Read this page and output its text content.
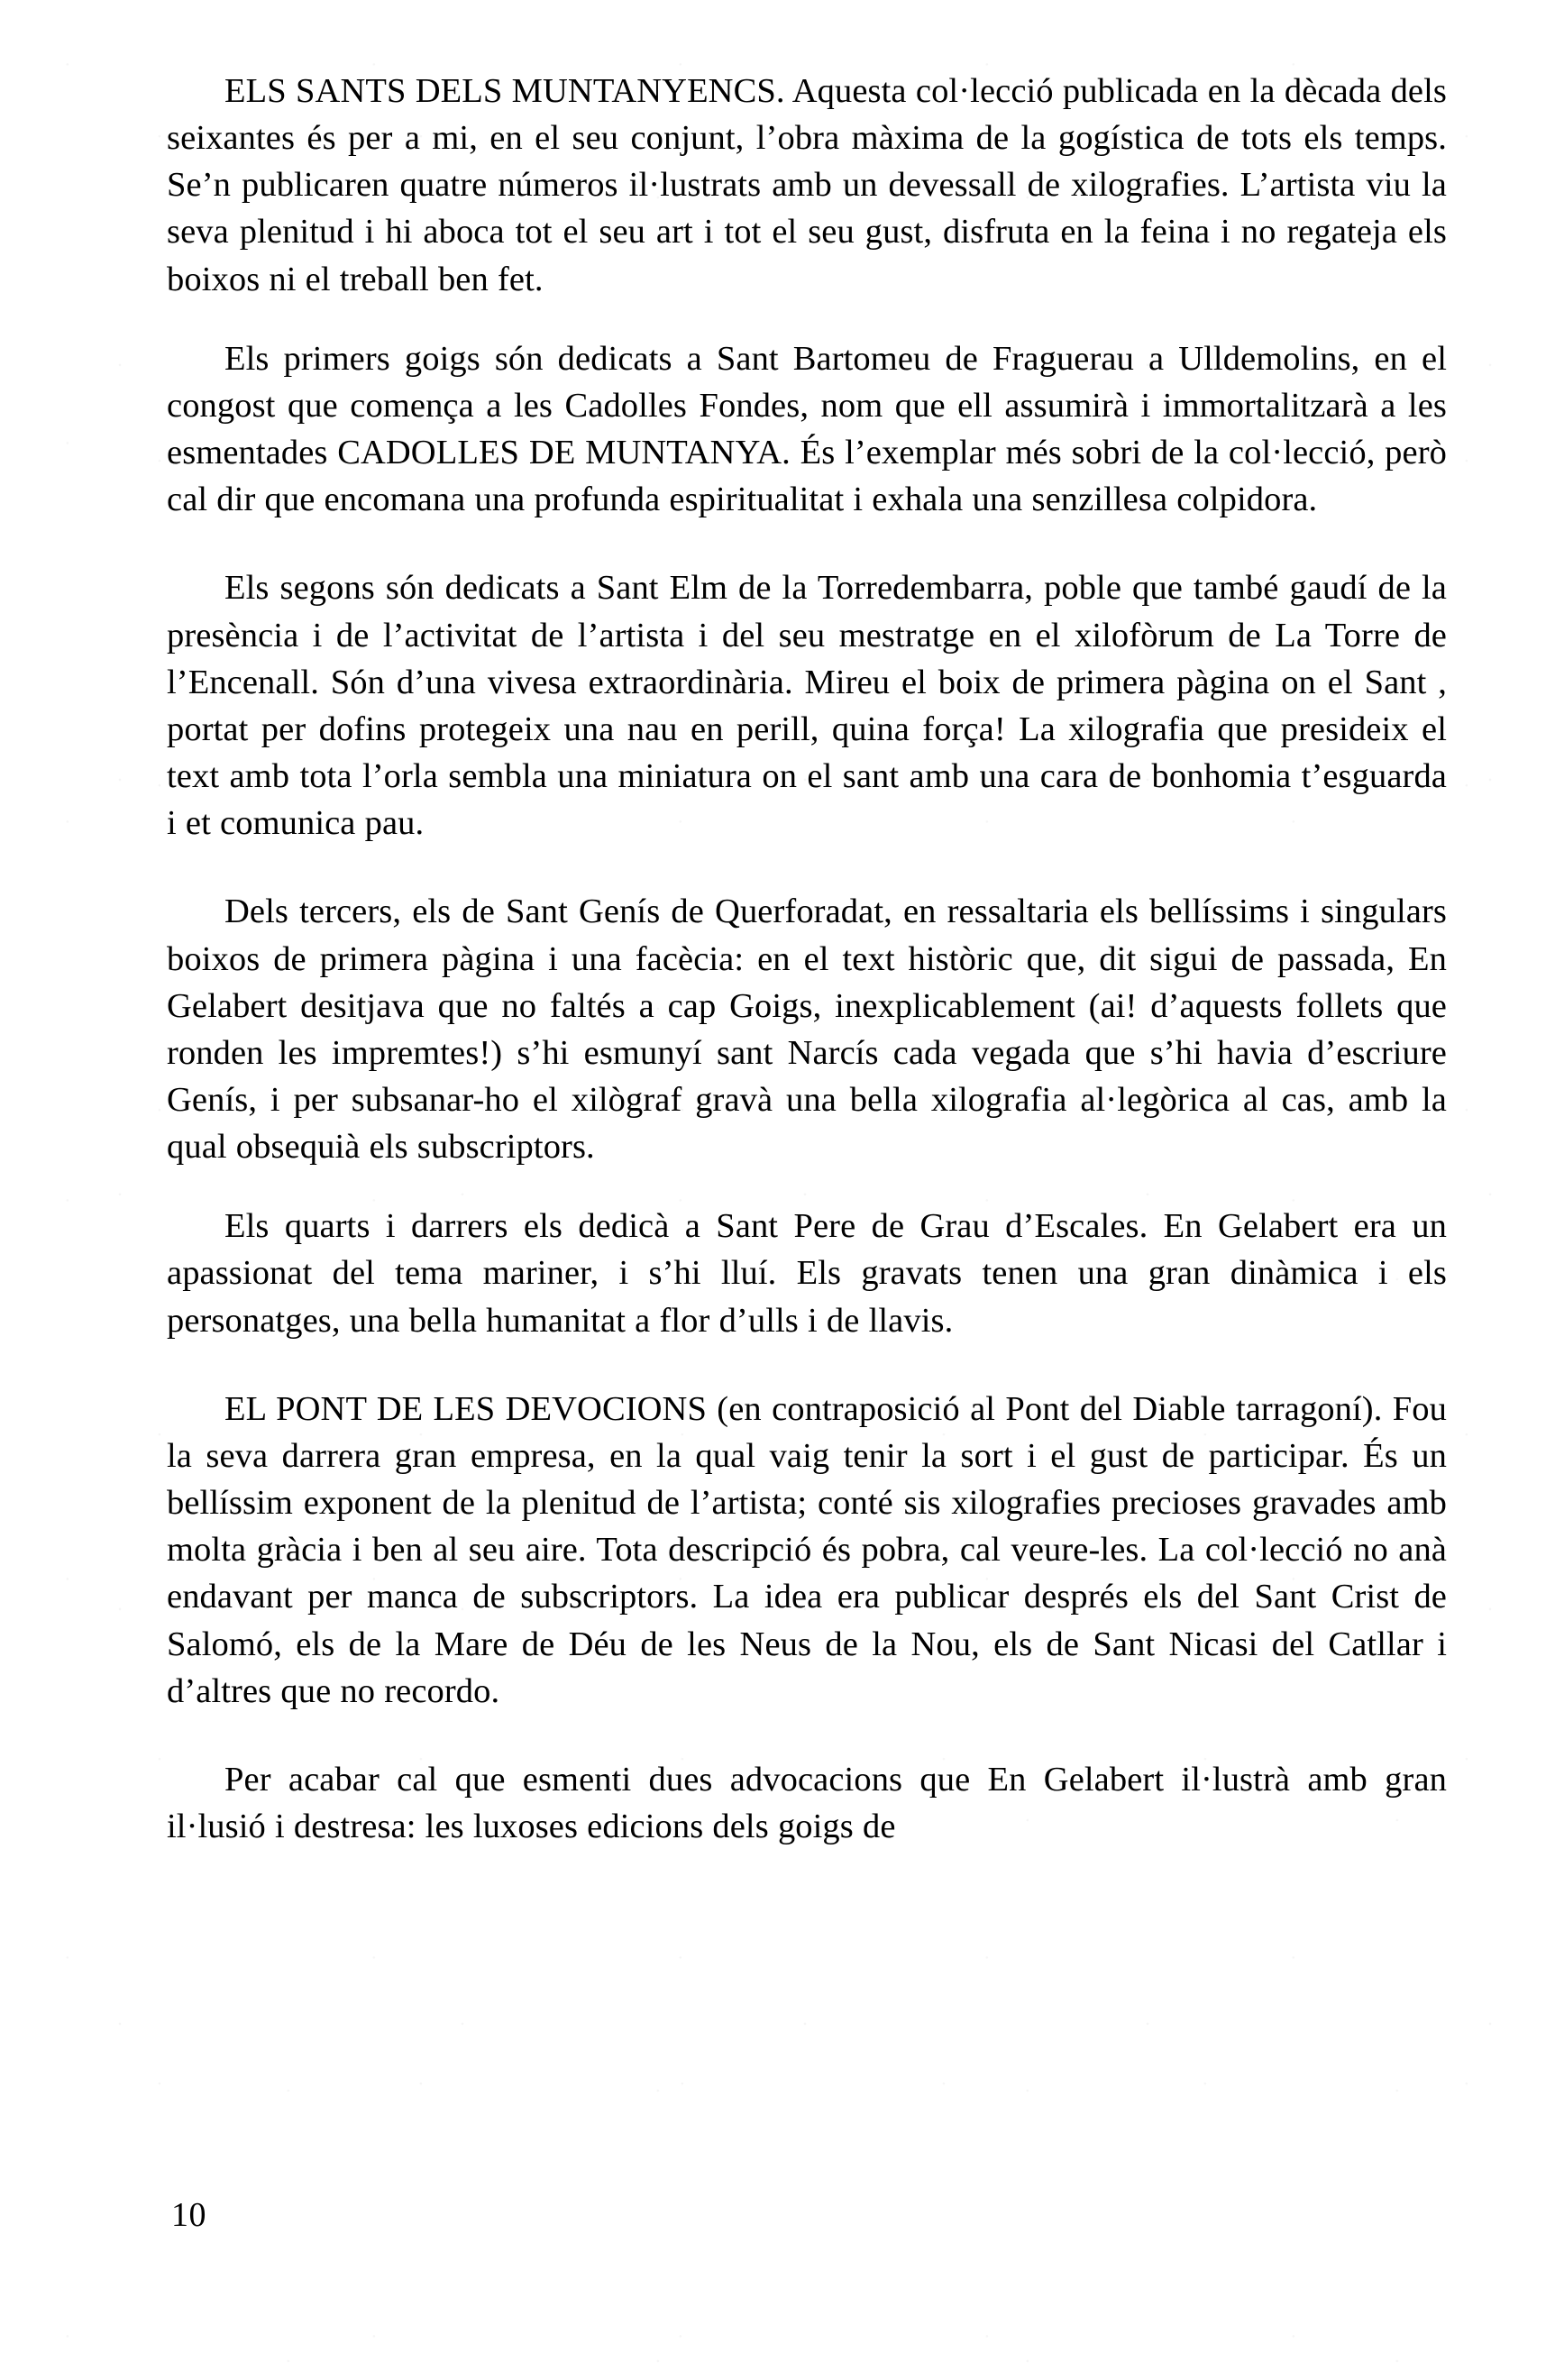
ELS SANTS DELS MUNTANYENCS. Aquesta col·lecció publicada en la dècada dels seixantes és per a mi, en el seu conjunt, l’obra màxima de la gogística de tots els temps. Se’n publicaren quatre números il·lustrats amb un devessall de xilografies. L’artista viu la seva plenitud i hi aboca tot el seu art i tot el seu gust, disfruta en la feina i no regateja els boixos ni el treball ben fet.

Els primers goigs són dedicats a Sant Bartomeu de Fraguerau a Ulldemolins, en el congost que comença a les Cadolles Fondes, nom que ell assumirà i immortalitzarà a les esmentades CADOLLES DE MUNTANYA. És l’exemplar més sobri de la col·lecció, però cal dir que encomana una profunda espiritualitat i exhala una senzillesa colpidora.

Els segons són dedicats a Sant Elm de la Torredembarra, poble que també gaudí de la presència i de l’activitat de l’artista i del seu mestratge en el xilofòrum de La Torre de l’Encenall. Són d’una vivesa extraordinària. Mireu el boix de primera pàgina on el Sant , portat per dofins protegeix una nau en perill, quina força! La xilografia que presideix el text amb tota l’orla sembla una miniatura on el sant amb una cara de bonhomia t’esguarda i et comunica pau.

Dels tercers, els de Sant Genís de Querforadat, en ressaltaria els bellíssims i singulars boixos de primera pàgina i una facècia: en el text històric que, dit sigui de passada, En Gelabert desitjava que no faltés a cap Goigs, inexplicablement (ai! d’aquests follets que ronden les impremtes!) s’hi esmunyí sant Narcís cada vegada que s’hi havia d’escriure Genís, i per subsanar-ho el xilògraf gravà una bella xilografia al·legòrica al cas, amb la qual obsequià els subscriptors.

Els quarts i darrers els dedicà a Sant Pere de Grau d’Escales. En Gelabert era un apassionat del tema mariner, i s’hi lluí. Els gravats tenen una gran dinàmica i els personatges, una bella humanitat a flor d’ulls i de llavis.

EL PONT DE LES DEVOCIONS (en contraposició al Pont del Diable tarragoní). Fou la seva darrera gran empresa, en la qual vaig tenir la sort i el gust de participar. És un bellíssim exponent de la plenitud de l’artista; conté sis xilografies precioses gravades amb molta gràcia i ben al seu aire. Tota descripció és pobra, cal veure-les. La col·lecció no anà endavant per manca de subscriptors. La idea era publicar després els del Sant Crist de Salomó, els de la Mare de Déu de les Neus de la Nou, els de Sant Nicasi del Catllar i d’altres que no recordo.

Per acabar cal que esmenti dues advocacions que En Gelabert il·lustrà amb gran il·lusió i destresa: les luxoses edicions dels goigs de

10
